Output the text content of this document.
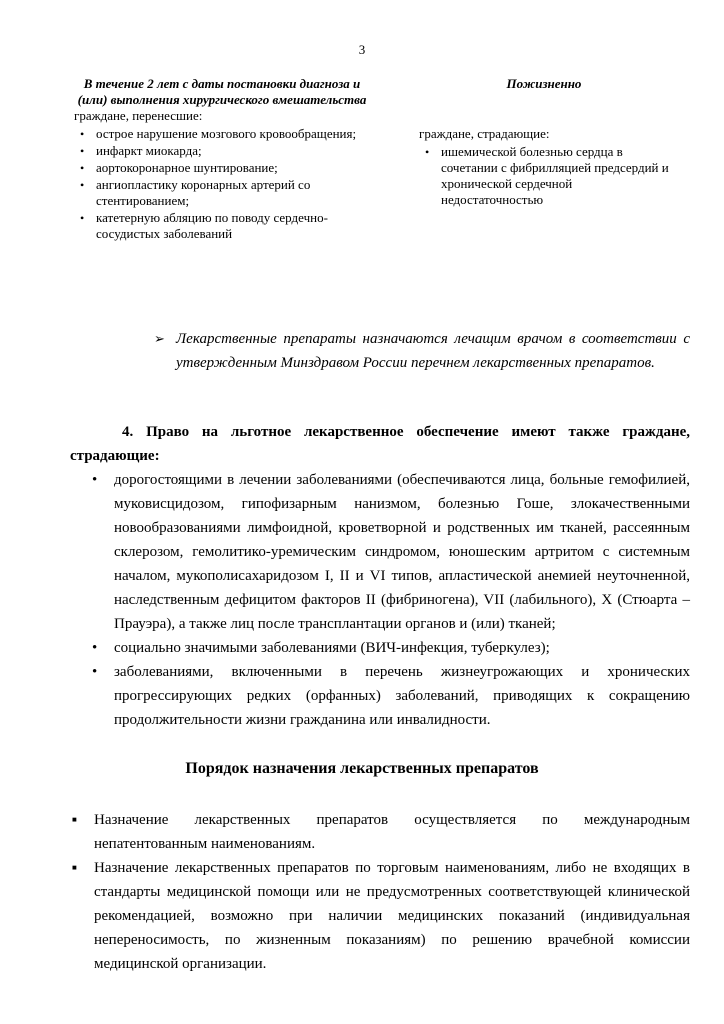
3
В течение 2 лет с даты постановки диагноза и (или) выполнения хирургического вмешательства
граждане, перенесшие:
• острое нарушение мозгового кровообращения;
• инфаркт миокарда;
• аортокоронарное шунтирование;
• ангиопластику коронарных артерий со стентированием;
• катетерную абляцию по поводу сердечно-сосудистых заболеваний
Пожизненно
граждане, страдающие:
• ишемической болезнью сердца в сочетании с фибрилляцией предсердий и хронической сердечной недостаточностью
➢ Лекарственные препараты назначаются лечащим врачом в соответствии с утвержденным Минздравом России перечнем лекарственных препаратов.
4. Право на льготное лекарственное обеспечение имеют также граждане, страдающие:
• дорогостоящими в лечении заболеваниями (обеспечиваются лица, больные гемофилией, муковисцидозом, гипофизарным нанизмом, болезнью Гоше, злокачественными новообразованиями лимфоидной, кроветворной и родственных им тканей, рассеянным склерозом, гемолитико-уремическим синдромом, юношеским артритом с системным началом, мукополисахаридозом I, II и VI типов, апластической анемией неуточненной, наследственным дефицитом факторов II (фибриногена), VII (лабильного), X (Стюарта – Прауэра), а также лиц после трансплантации органов и (или) тканей;
• социально значимыми заболеваниями (ВИЧ-инфекция, туберкулез);
• заболеваниями, включенными в перечень жизнеугрожающих и хронических прогрессирующих редких (орфанных) заболеваний, приводящих к сокращению продолжительности жизни гражданина или инвалидности.
Порядок назначения лекарственных препаратов
■ Назначение лекарственных препаратов осуществляется по международным непатентованным наименованиям.
■ Назначение лекарственных препаратов по торговым наименованиям, либо не входящих в стандарты медицинской помощи или не предусмотренных соответствующей клинической рекомендацией, возможно при наличии медицинских показаний (индивидуальная непереносимость, по жизненным показаниям) по решению врачебной комиссии медицинской организации.
